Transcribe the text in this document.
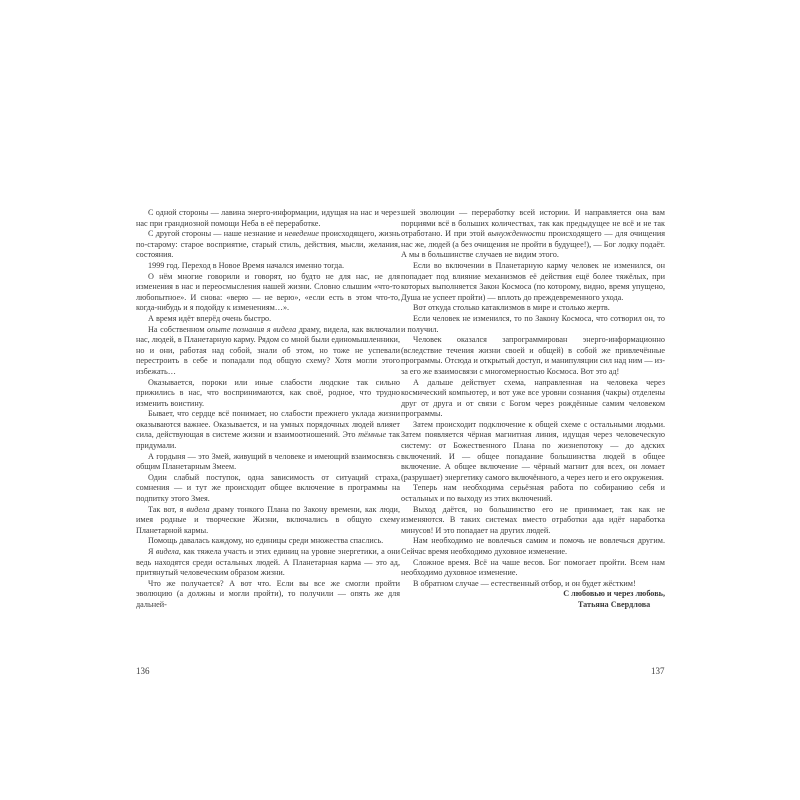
С одной стороны — лавина энерго-информации, идущая на нас и через нас при грандиозной помощи Неба в её переработке.

С другой стороны — наше незнание и неведение происходящего, жизнь по-старому: старое восприятие, старый стиль, действия, мысли, желания, состояния.

1999 год. Переход в Новое Время начался именно тогда.

О нём многие говорили и говорят, но будто не для нас, не для изменения в нас и переосмысления нашей жизни. Словно слышим «что-то любопытное». И снова: «верю — не верю», «если есть в этом что-то, когда-нибудь и я подойду к изменениям…».

А время идёт вперёд очень быстро.

На собственном опыте познания я видела драму, видела, как включали нас, людей, в Планетарную карму. Рядом со мной были единомышленники, но и они, работая над собой, знали об этом, но тоже не успевали перестроить в себе и попадали под общую схему? Хотя могли этого избежать…

Оказывается, пороки или иные слабости людские так сильно прижились в нас, что воспринимаются, как своё, родное, что трудно изменить воистину.

Бывает, что сердце всё понимает, но слабости прежнего уклада жизни оказываются важнее. Оказывается, и на умных порядочных людей влияет сила, действующая в системе жизни и взаимоотношений. Это тёмные так придумали.

А гордыня — это Змей, живущий в человеке и имеющий взаимосвязь с общим Планетарным Змеем.

Один слабый поступок, одна зависимость от ситуаций страха, сомнения — и тут же происходит общее включение в программы на подпитку этого Змея.

Так вот, я видела драму тонкого Плана по Закону времени, как люди, имея родные и творческие Жизни, включались в общую схему Планетарной кармы.

Помощь давалась каждому, но единицы среди множества спаслись.

Я видела, как тяжела участь и этих единиц на уровне энергетики, а они ведь находятся среди остальных людей. А Планетарная карма — это ад, притянутый человеческим образом жизни.

Что же получается? А вот что. Если вы все же смогли пройти эволюцию (а должны и могли пройти), то получили — опять же для дальней-

136

шей эволюции — переработку всей истории. И направляется она вам порциями всё в больших количествах, так как предыдущее не всё и не так отработано. И при этой вынужденности происходящего — для очищения нас же, людей (а без очищения не пройти в будущее!), — Бог лодку подаёт. А мы в большинстве случаев не видим этого.

Если во включении в Планетарную карму человек не изменился, он попадает под влияние механизмов её действия ещё более тяжёлых, при которых выполняется Закон Космоса (по которому, видно, время упущено, Душа не успеет пройти) — вплоть до преждевременного ухода.

Вот откуда столько катаклизмов в мире и столько жертв.

Если человек не изменился, то по Закону Космоса, что сотворил он, то и получил.

Человек оказался запрограммирован энерго-информационно (вследствие течения жизни своей и общей) в собой же привлечённые программы. Отсюда и открытый доступ, и манипуляции сил над ним — из-за его же взаимосвязи с многомерностью Космоса. Вот это ад!

А дальше действует схема, направленная на человека через космический компьютер, и вот уже все уровни сознания (чакры) отделены друг от друга и от связи с Богом через рождённые самим человеком программы.

Затем происходит подключение к общей схеме с остальными людьми. Затем появляется чёрная магнитная линия, идущая через человеческую систему: от Божественного Плана по жизнепотоку — до адских включений. И — общее попадание большинства людей в общее включение. А общее включение — чёрный магнит для всех, он ломает (разрушает) энергетику самого включённого, а через него и его окружения.

Теперь нам необходима серьёзная работа по собиранию себя и остальных и по выходу из этих включений.

Выход даётся, но большинство его не принимает, так как не изменяются. В таких системах вместо отработки ада идёт наработка минусов! И это попадает на других людей.

Нам необходимо не вовлечься самим и помочь не вовлечься другим. Сейчас время необходимо духовное изменение.

Сложное время. Всё на чаше весов. Бог помогает пройти. Всем нам необходимо духовное изменение.

В обратном случае — естественный отбор, и он будет жёстким!

С любовью и через любовь,
Татьяна Свердлова

137
